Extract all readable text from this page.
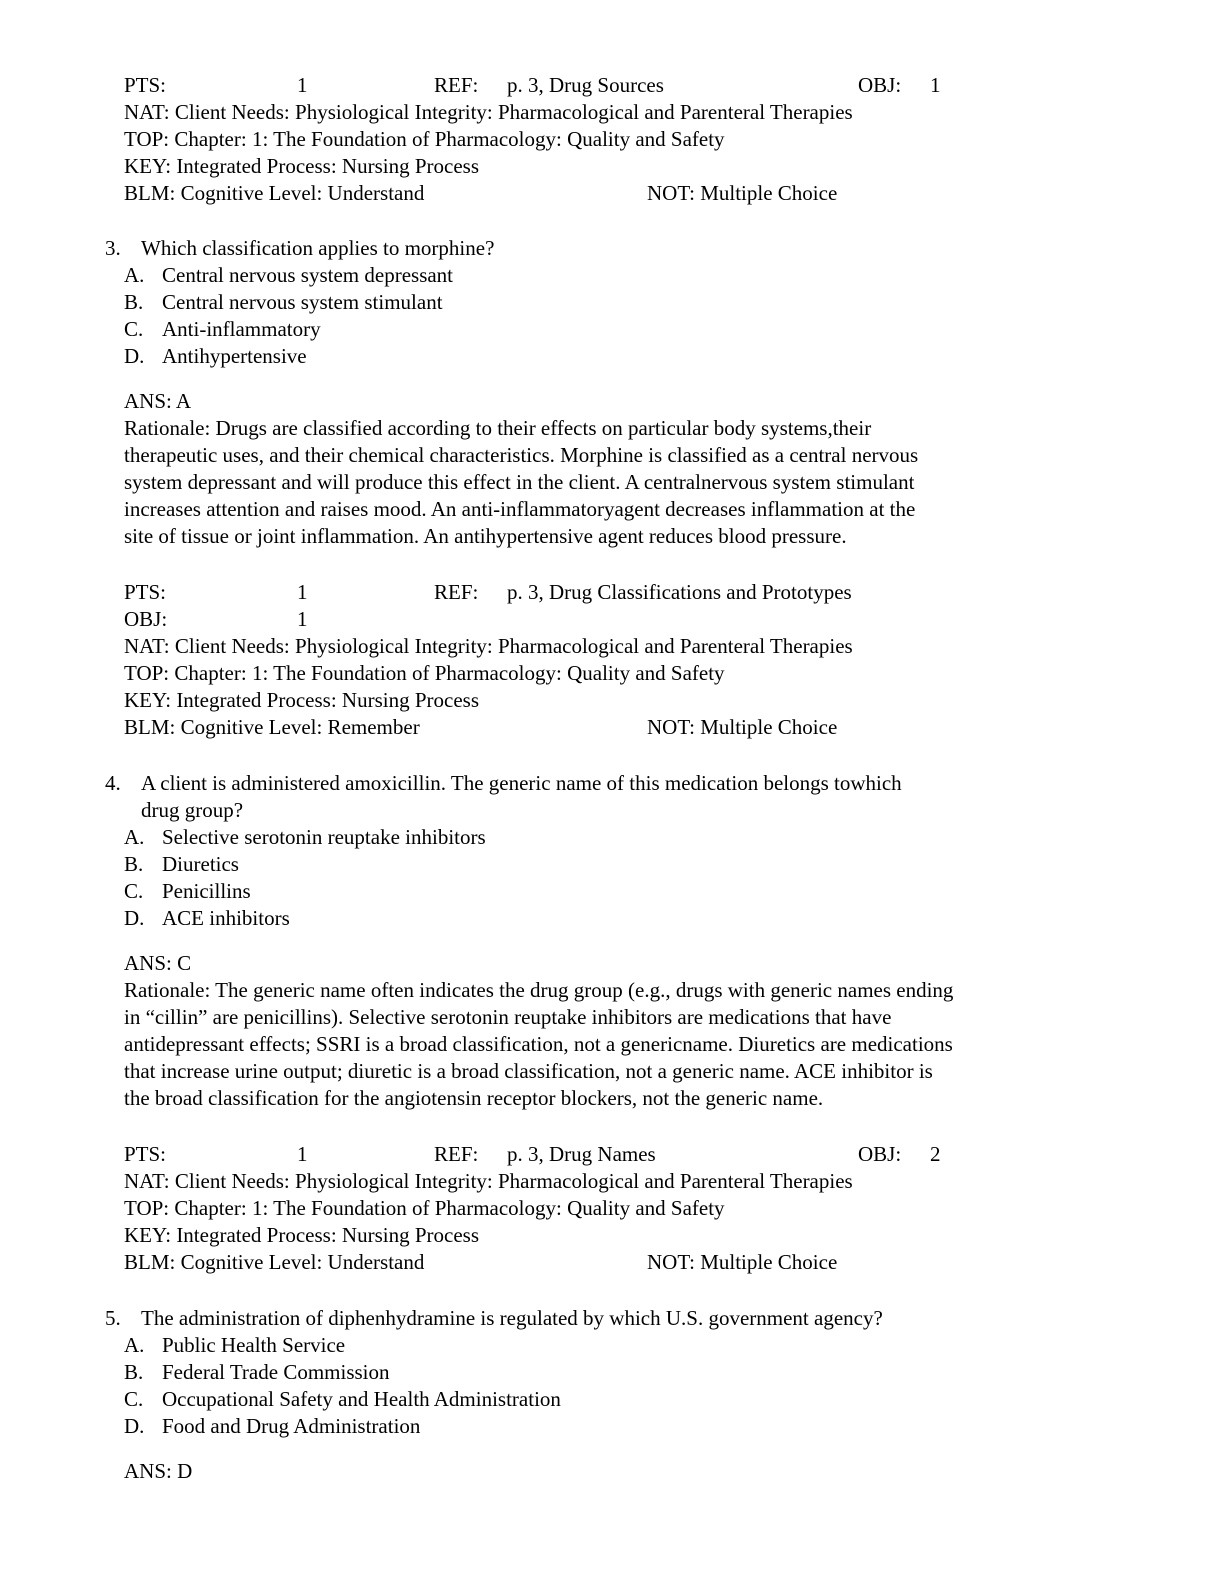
PTS:	1	REF: p. 3, Drug Sources	OBJ: 1
NAT: Client Needs: Physiological Integrity: Pharmacological and Parenteral Therapies
TOP: Chapter: 1: The Foundation of Pharmacology: Quality and Safety
KEY: Integrated Process: Nursing Process
BLM: Cognitive Level: Understand	NOT: Multiple Choice
3. Which classification applies to morphine?
A. Central nervous system depressant
B. Central nervous system stimulant
C. Anti-inflammatory
D. Antihypertensive
ANS: A
Rationale: Drugs are classified according to their effects on particular body systems,their
therapeutic uses, and their chemical characteristics. Morphine is classified as a central nervous
system depressant and will produce this effect in the client. A centralnervous system stimulant
increases attention and raises mood. An anti-inflammatoryagent decreases inflammation at the
site of tissue or joint inflammation. An antihypertensive agent reduces blood pressure.
PTS:	1	REF: p. 3, Drug Classifications and Prototypes
OBJ:	1
NAT: Client Needs: Physiological Integrity: Pharmacological and Parenteral Therapies
TOP: Chapter: 1: The Foundation of Pharmacology: Quality and Safety
KEY: Integrated Process: Nursing Process
BLM: Cognitive Level: Remember	NOT: Multiple Choice
4. A client is administered amoxicillin. The generic name of this medication belongs towhich
drug group?
A. Selective serotonin reuptake inhibitors
B. Diuretics
C. Penicillins
D. ACE inhibitors
ANS: C
Rationale: The generic name often indicates the drug group (e.g., drugs with generic names ending
in “cillin” are penicillins). Selective serotonin reuptake inhibitors are medications that have
antidepressant effects; SSRI is a broad classification, not a genericname. Diuretics are medications
that increase urine output; diuretic is a broad classification, not a generic name. ACE inhibitor is
the broad classification for the angiotensin receptor blockers, not the generic name.
PTS:	1	REF: p. 3, Drug Names	OBJ: 2
NAT: Client Needs: Physiological Integrity: Pharmacological and Parenteral Therapies
TOP: Chapter: 1: The Foundation of Pharmacology: Quality and Safety
KEY: Integrated Process: Nursing Process
BLM: Cognitive Level: Understand	NOT: Multiple Choice
5. The administration of diphenhydramine is regulated by which U.S. government agency?
A. Public Health Service
B. Federal Trade Commission
C. Occupational Safety and Health Administration
D. Food and Drug Administration
ANS: D
